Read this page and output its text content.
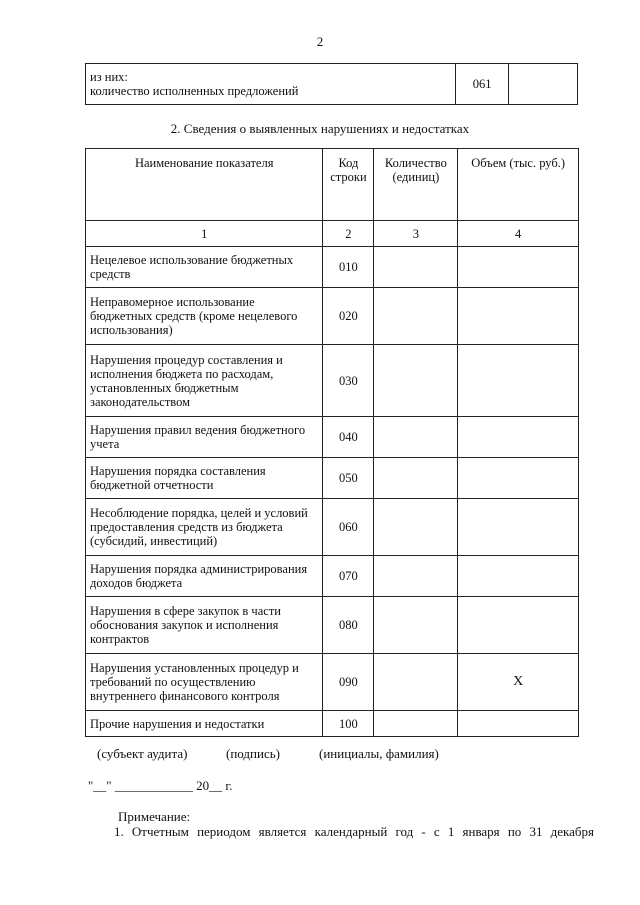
2
из них:
количество исполненных предложений	061	
2. Сведения о выявленных нарушениях и недостатках
Наименование показателя	Код строки	Количество (единиц)	Объем (тыс. руб.)
1	2	3	4
Нецелевое использование бюджетных средств	010		
Неправомерное использование бюджетных средств (кроме нецелевого использования)	020		
Нарушения процедур составления и исполнения бюджета по расходам, установленных бюджетным законодательством	030		
Нарушения правил ведения бюджетного учета	040		
Нарушения порядка составления бюджетной отчетности	050		
Несоблюдение порядка, целей и условий предоставления средств из бюджета (субсидий, инвестиций)	060		
Нарушения порядка администрирования доходов бюджета	070		
Нарушения в сфере закупок в части обоснования закупок и исполнения контрактов	080		
Нарушения установленных процедур и требований по осуществлению внутреннего финансового контроля	090		X
Прочие нарушения и недостатки	100		
(субъект аудита)	(подпись)	(инициалы, фамилия)
"__" ____________ 20__ г.
Примечание:
1. Отчетным периодом является календарный год - с 1 января по 31 декабря
